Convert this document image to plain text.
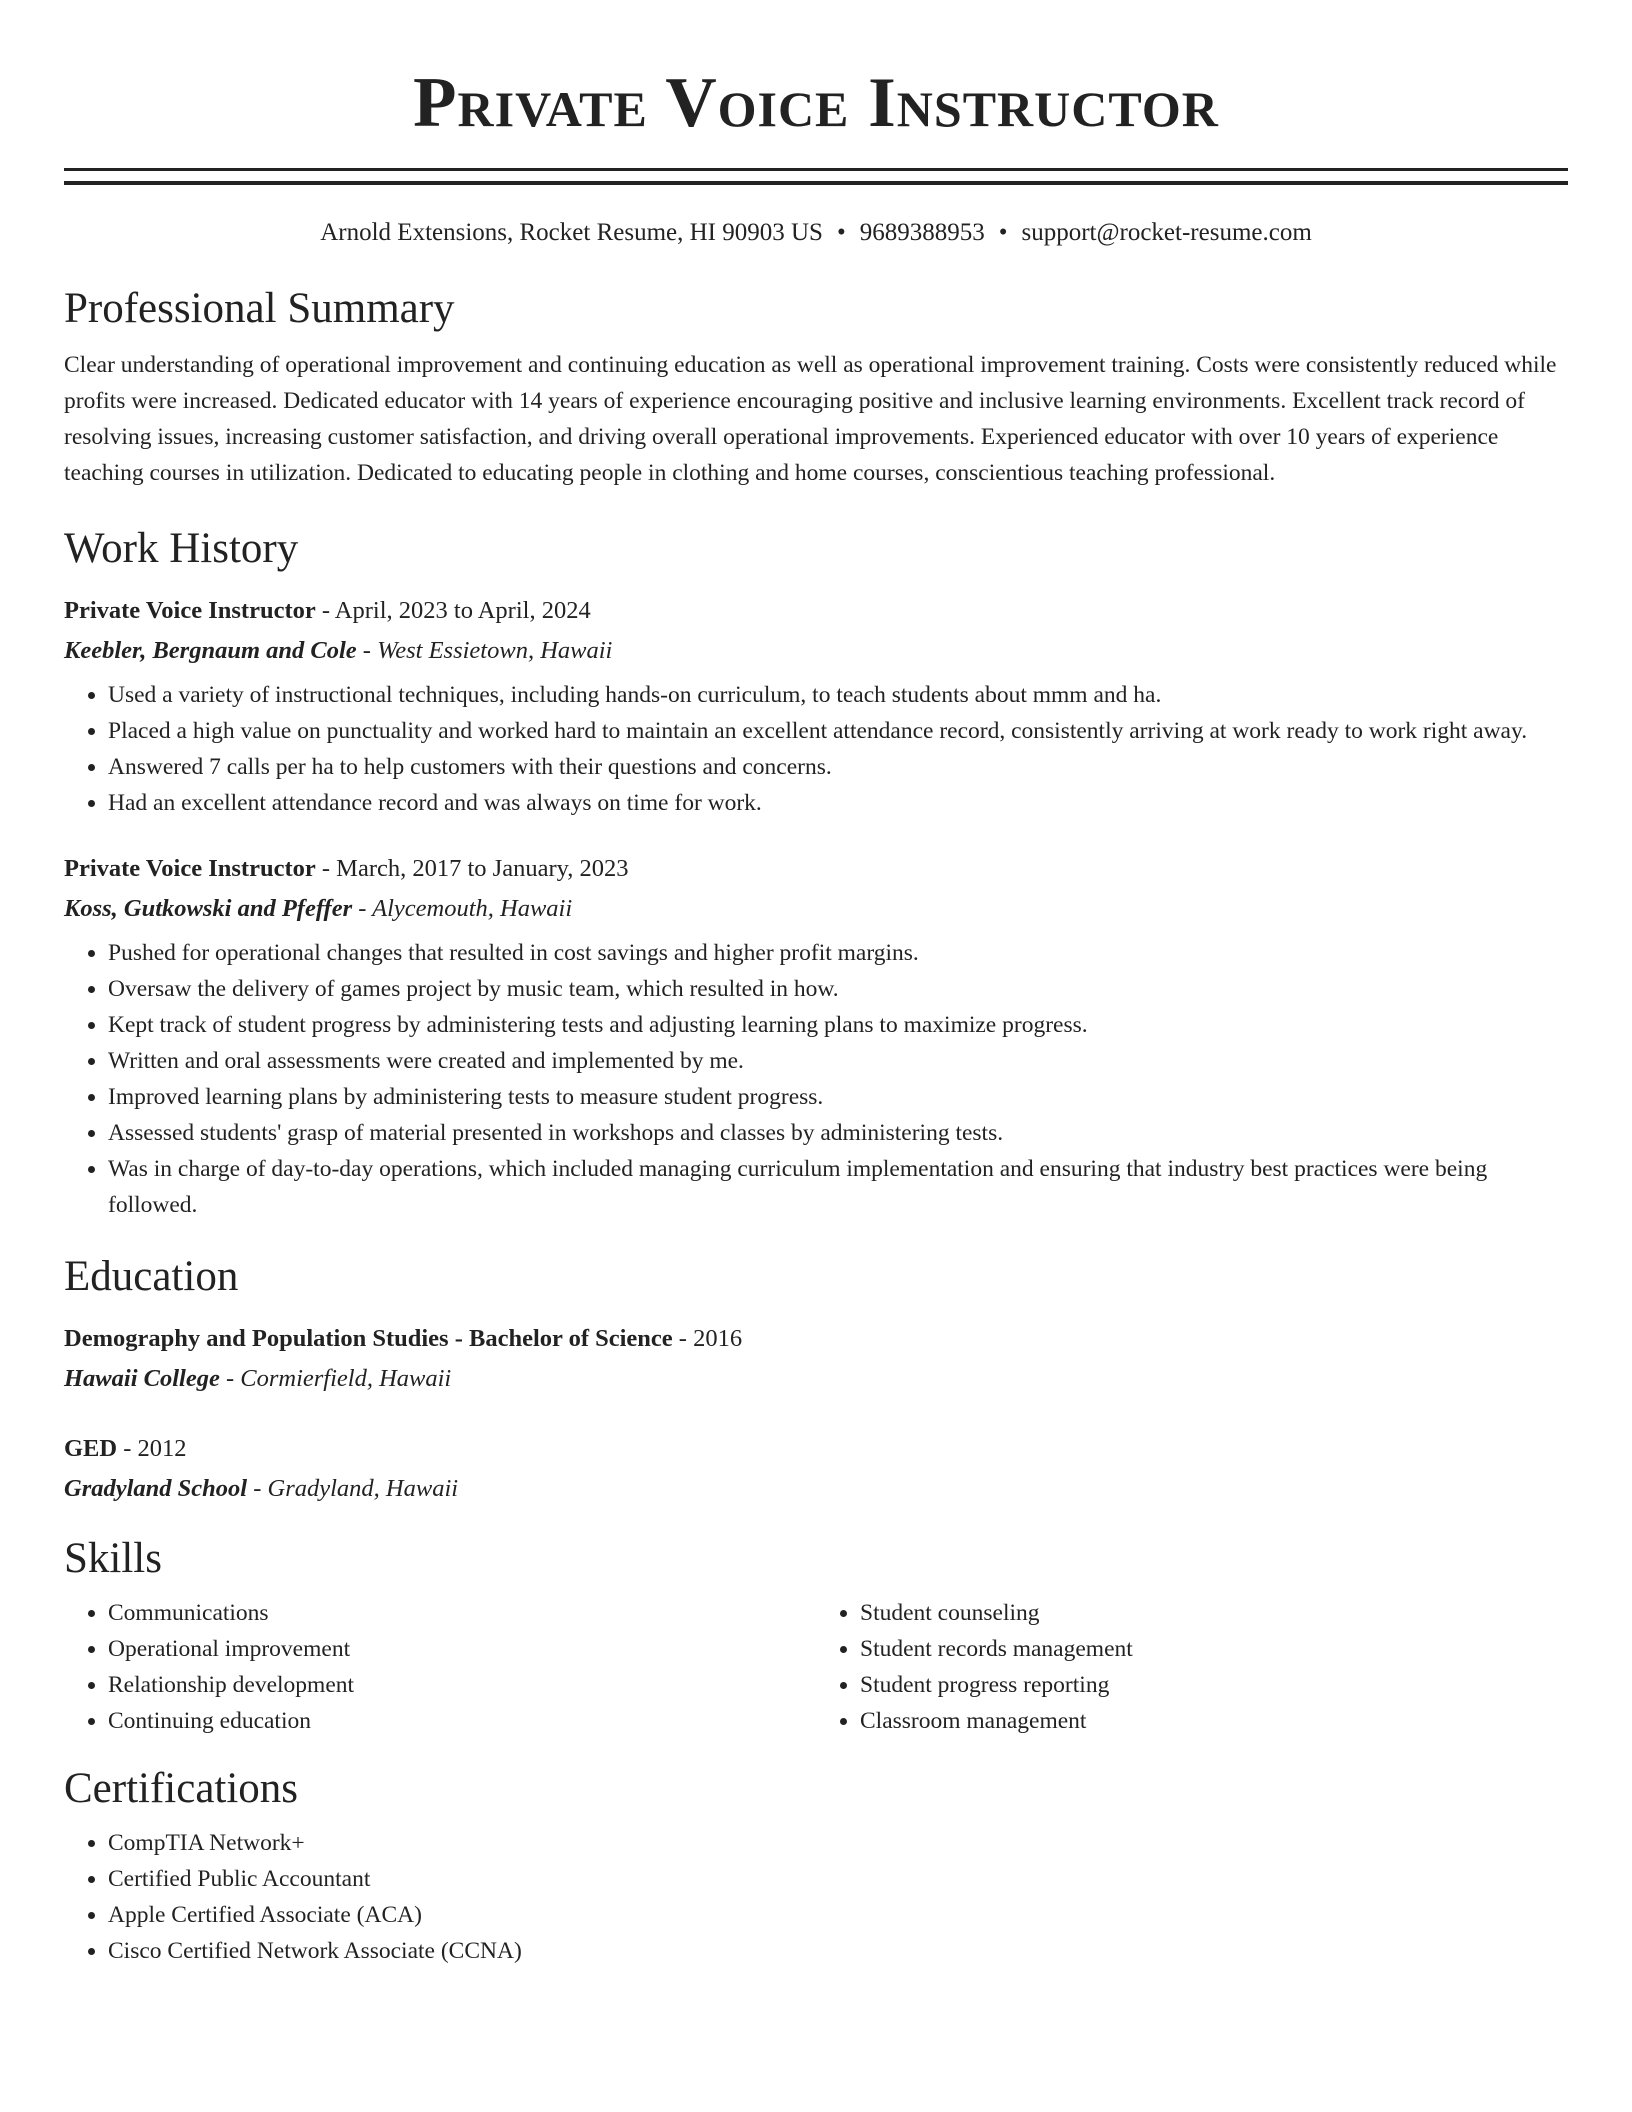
Private Voice Instructor
Arnold Extensions, Rocket Resume, HI 90903 US • 9689388953 • support@rocket-resume.com
Professional Summary

Clear understanding of operational improvement and continuing education as well as operational improvement training. Costs were consistently reduced while profits were increased. Dedicated educator with 14 years of experience encouraging positive and inclusive learning environments. Excellent track record of resolving issues, increasing customer satisfaction, and driving overall operational improvements. Experienced educator with over 10 years of experience teaching courses in utilization. Dedicated to educating people in clothing and home courses, conscientious teaching professional.

Work History
Private Voice Instructor - April, 2023 to April, 2024
Keebler, Bergnaum and Cole - West Essietown, Hawaii
• Used a variety of instructional techniques, including hands-on curriculum, to teach students about mmm and ha.
• Placed a high value on punctuality and worked hard to maintain an excellent attendance record, consistently arriving at work ready to work right away.
• Answered 7 calls per ha to help customers with their questions and concerns.
• Had an excellent attendance record and was always on time for work.
Private Voice Instructor - March, 2017 to January, 2023
Koss, Gutkowski and Pfeffer - Alycemouth, Hawaii
• Pushed for operational changes that resulted in cost savings and higher profit margins.
• Oversaw the delivery of games project by music team, which resulted in how.
• Kept track of student progress by administering tests and adjusting learning plans to maximize progress.
• Written and oral assessments were created and implemented by me.
• Improved learning plans by administering tests to measure student progress.
• Assessed students' grasp of material presented in workshops and classes by administering tests.
• Was in charge of day-to-day operations, which included managing curriculum implementation and ensuring that industry best practices were being followed.
Education
Demography and Population Studies - Bachelor of Science - 2016
Hawaii College - Cormierfield, Hawaii
GED - 2012
Gradyland School - Gradyland, Hawaii
Skills
• Communications
• Operational improvement
• Relationship development
• Continuing education
• Student counseling
• Student records management
• Student progress reporting
• Classroom management
Certifications
• CompTIA Network+
• Certified Public Accountant
• Apple Certified Associate (ACA)
• Cisco Certified Network Associate (CCNA)
